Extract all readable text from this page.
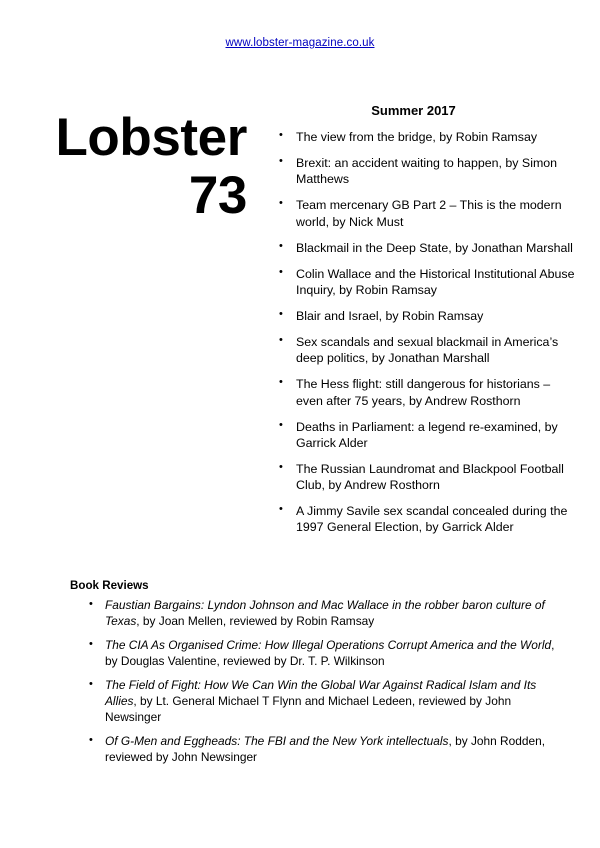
www.lobster-magazine.co.uk
Lobster
73
Summer 2017
• The view from the bridge, by Robin Ramsay
• Brexit: an accident waiting to happen, by Simon Matthews
• Team mercenary GB Part 2 – This is the modern world, by Nick Must
• Blackmail in the Deep State, by Jonathan Marshall
• Colin Wallace and the Historical Institutional Abuse Inquiry, by Robin Ramsay
• Blair and Israel, by Robin Ramsay
• Sex scandals and sexual blackmail in America’s deep politics, by Jonathan Marshall
• The Hess flight: still dangerous for historians – even after 75 years, by Andrew Rosthorn
• Deaths in Parliament: a legend re-examined, by Garrick Alder
• The Russian Laundromat and Blackpool Football Club, by Andrew Rosthorn
• A Jimmy Savile sex scandal concealed during the 1997 General Election, by Garrick Alder
Book Reviews
• Faustian Bargains: Lyndon Johnson and Mac Wallace in the robber baron culture of Texas, by Joan Mellen, reviewed by Robin Ramsay
• The CIA As Organised Crime: How Illegal Operations Corrupt America and the World, by Douglas Valentine, reviewed by Dr. T. P. Wilkinson
• The Field of Fight: How We Can Win the Global War Against Radical Islam and Its Allies, by Lt. General Michael T Flynn and Michael Ledeen, reviewed by John Newsinger
• Of G-Men and Eggheads: The FBI and the New York intellectuals, by John Rodden, reviewed by John Newsinger
